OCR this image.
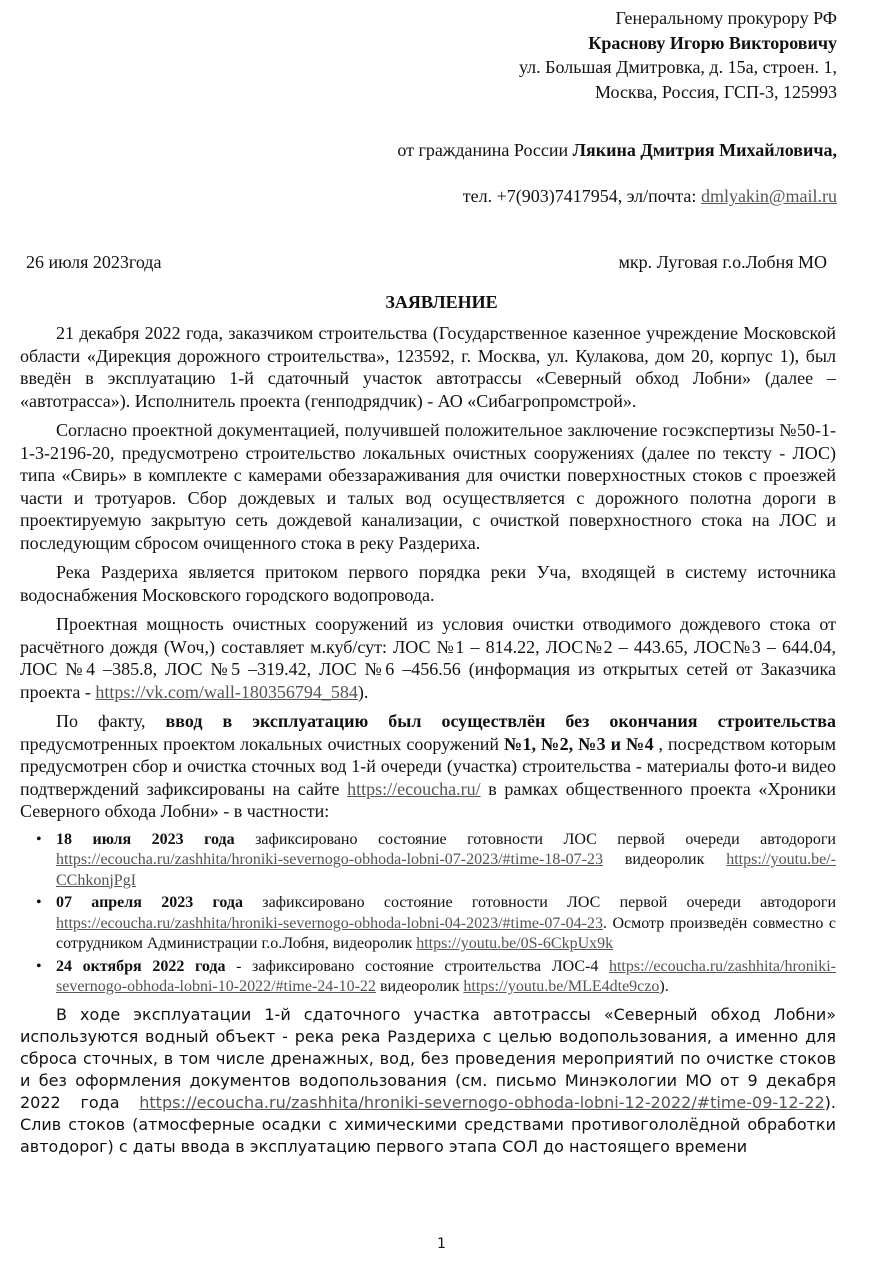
Генеральному прокурору РФ
Краснову Игорю Викторовичу
ул. Большая Дмитровка, д. 15а, строен. 1,
Москва, Россия, ГСП-3, 125993
от гражданина России Лякина Дмитрия Михайловича,
тел. +7(903)7417954, эл/почта: dmlyakin@mail.ru
26 июля 2023года	мкр. Луговая г.о.Лобня МО
ЗАЯВЛЕНИЕ

21 декабря 2022 года, заказчиком строительства (Государственное казенное учреждение Московской области «Дирекция дорожного строительства», 123592, г. Москва, ул. Кулакова, дом 20, корпус 1), был введён в эксплуатацию 1-й сдаточный участок автотрассы «Северный обход Лобни» (далее – «автотрасса»). Исполнитель проекта (генподрядчик) - АО «Сибагропромстрой».

Согласно проектной документацией, получившей положительное заключение госэкспертизы №50-1-1-3-2196-20, предусмотрено строительство локальных очистных сооружениях (далее по тексту - ЛОС) типа «Свирь» в комплекте с камерами обеззараживания для очистки поверхностных стоков с проезжей части и тротуаров. Сбор дождевых и талых вод осуществляется с дорожного полотна дороги в проектируемую закрытую сеть дождевой канализации, с очисткой поверхностного стока на ЛОС и последующим сбросом очищенного стока в реку Раздериха.

Река Раздериха является притоком первого порядка реки Уча, входящей в систему источника водоснабжения Московского городского водопровода.

Проектная мощность очистных сооружений из условия очистки отводимого дождевого стока от расчётного дождя (Wоч,) составляет м.куб/сут: ЛОС №1 – 814.22, ЛОС№2 – 443.65, ЛОС№3 – 644.04, ЛОС №4 –385.8, ЛОС №5 –319.42, ЛОС №6 –456.56 (информация из открытых сетей от Заказчика проекта - https://vk.com/wall-180356794_584).

По факту, ввод в эксплуатацию был осуществлён без окончания строительства предусмотренных проектом локальных очистных сооружений №1, №2, №3 и №4 , посредством которым предусмотрен сбор и очистка сточных вод 1-й очереди (участка) строительства - материалы фото-и видео подтверждений зафиксированы на сайте https://ecoucha.ru/ в рамках общественного проекта «Хроники Северного обхода Лобни» - в частности:

• 18 июля 2023 года зафиксировано состояние готовности ЛОС первой очереди автодороги https://ecoucha.ru/zashhita/hroniki-severnogo-obhoda-lobni-07-2023/#time-18-07-23 видеоролик https://youtu.be/-CChkonjPgI
• 07 апреля 2023 года зафиксировано состояние готовности ЛОС первой очереди автодороги https://ecoucha.ru/zashhita/hroniki-severnogo-obhoda-lobni-04-2023/#time-07-04-23. Осмотр произведён совместно с сотрудником Администрации г.о.Лобня, видеоролик https://youtu.be/0S-6CkpUx9k
• 24 октября 2022 года - зафиксировано состояние строительства ЛОС-4 https://ecoucha.ru/zashhita/hroniki-severnogo-obhoda-lobni-10-2022/#time-24-10-22 видеоролик https://youtu.be/MLE4dte9czo).

В ходе эксплуатации 1-й сдаточного участка автотрассы «Северный обход Лобни» используются водный объект - река река Раздериха с целью водопользования, а именно для сброса сточных, в том числе дренажных, вод, без проведения мероприятий по очистке стоков и без оформления документов водопользования (см. письмо Минэкологии МО от 9 декабря 2022 года https://ecoucha.ru/zashhita/hroniki-severnogo-obhoda-lobni-12-2022/#time-09-12-22). Слив стоков (атмосферные осадки с химическими средствами противогололёдной обработки автодорог) с даты ввода в эксплуатацию первого этапа СОЛ до настоящего времени

1
